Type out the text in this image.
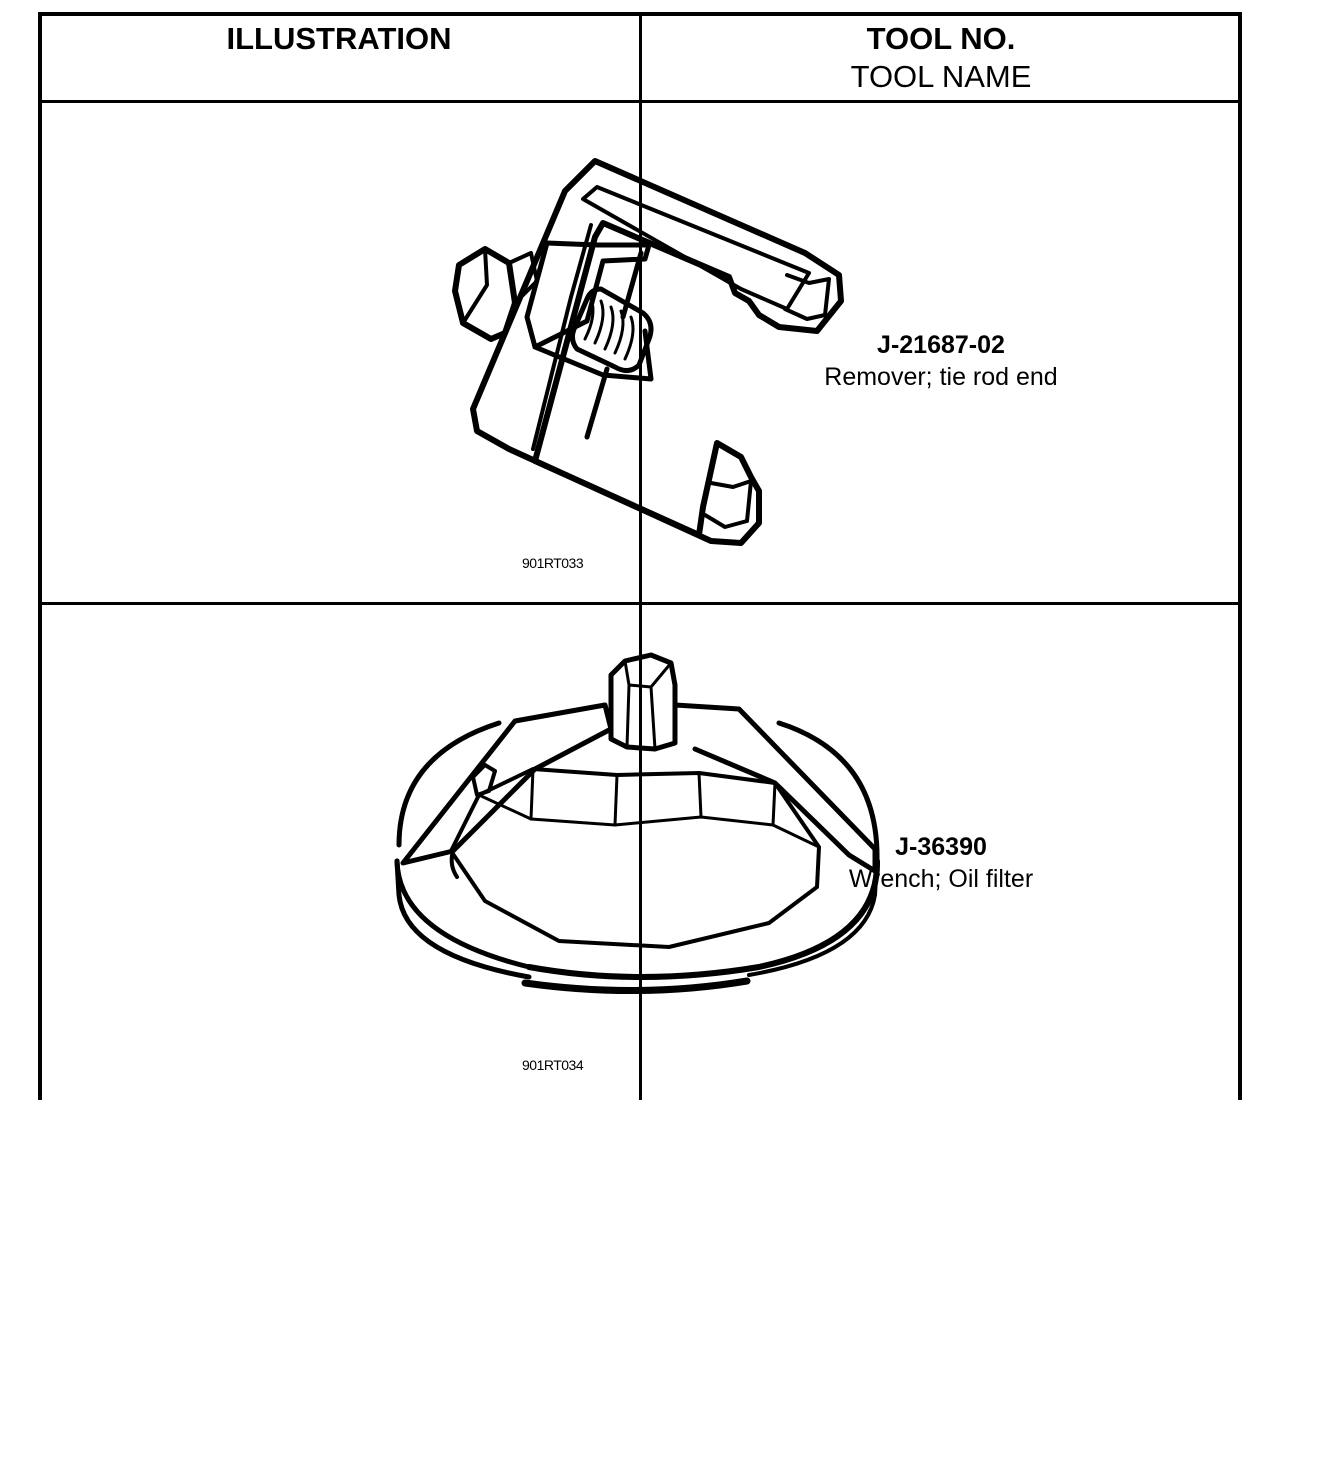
ILLUSTRATION	TOOL NO.
TOOL NAME
901RT033
J-21687-02
Remover; tie rod end
901RT034
J-36390
Wrench; Oil filter
